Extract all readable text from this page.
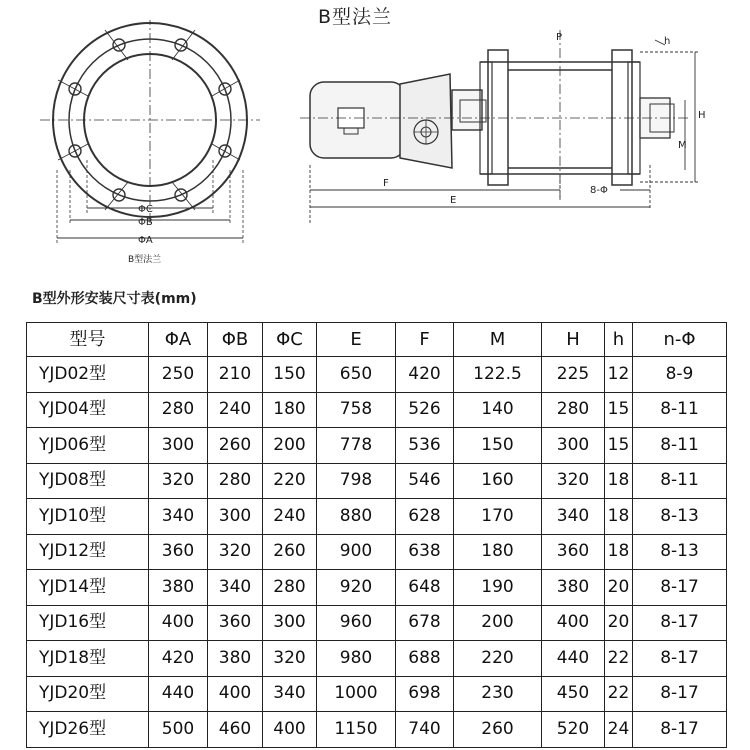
B型法兰
ΦC
ΦB
ΦA
B型法兰
P
F
E
H
M
8-Φ
h
B型外形安装尺寸表(mm)
型号	ΦA	ΦB	ΦC	E	F	M	H	h	n-Φ
YJD02型	250	210	150	650	420	122.5	225	12	8-9
YJD04型	280	240	180	758	526	140	280	15	8-11
YJD06型	300	260	200	778	536	150	300	15	8-11
YJD08型	320	280	220	798	546	160	320	18	8-11
YJD10型	340	300	240	880	628	170	340	18	8-13
YJD12型	360	320	260	900	638	180	360	18	8-13
YJD14型	380	340	280	920	648	190	380	20	8-17
YJD16型	400	360	300	960	678	200	400	20	8-17
YJD18型	420	380	320	980	688	220	440	22	8-17
YJD20型	440	400	340	1000	698	230	450	22	8-17
YJD26型	500	460	400	1150	740	260	520	24	8-17
